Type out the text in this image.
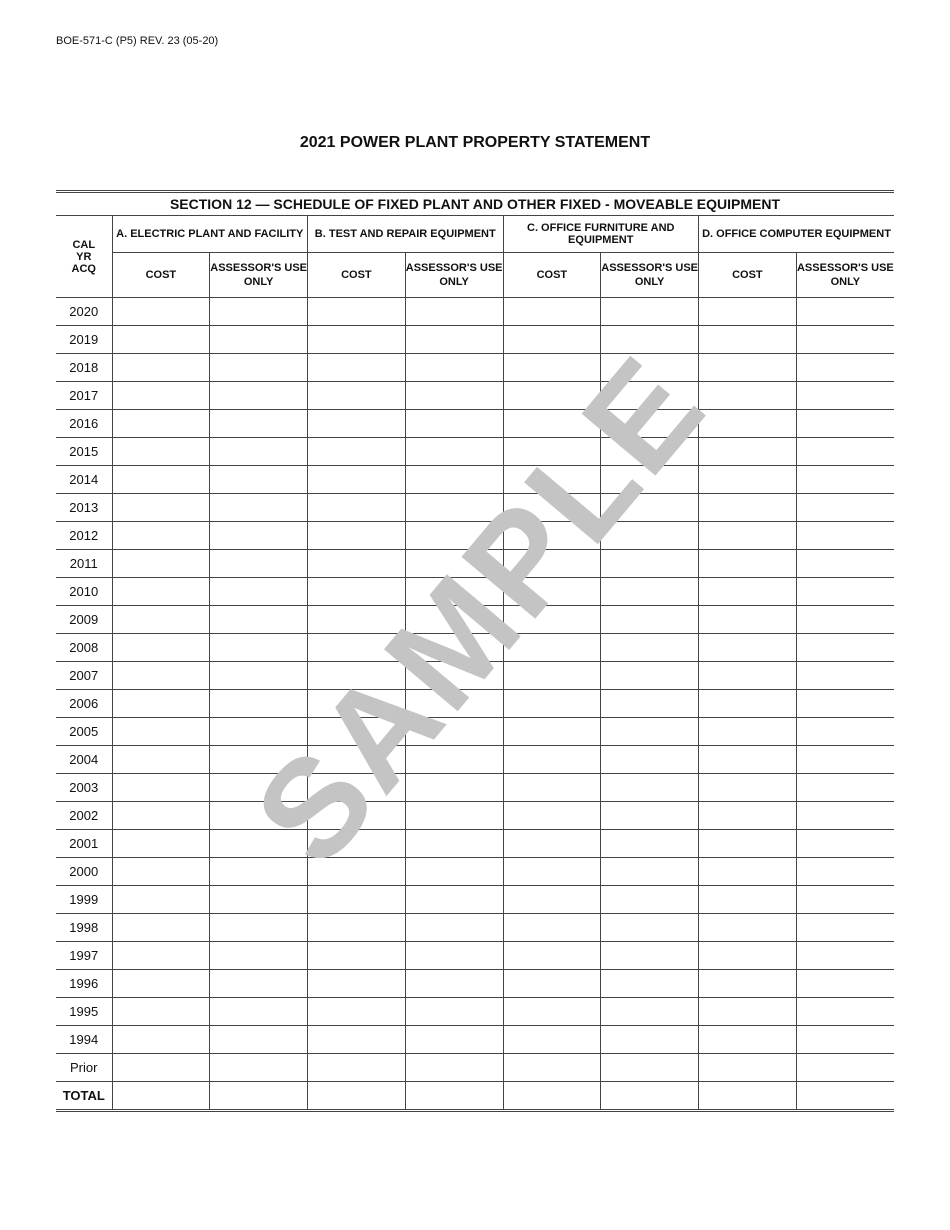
BOE-571-C (P5) REV. 23 (05-20)
2021 POWER PLANT PROPERTY STATEMENT
SECTION 12 — SCHEDULE OF FIXED PLANT AND OTHER FIXED - MOVEABLE EQUIPMENT								

CAL
YR
ACQ	A. ELECTRIC PLANT AND FACILITY		B. TEST AND REPAIR EQUIPMENT		C. OFFICE FURNITURE AND EQUIPMENT		D. OFFICE COMPUTER EQUIPMENT	
	COST	ASSESSOR'S USE ONLY	COST	ASSESSOR'S USE ONLY	COST	ASSESSOR'S USE ONLY	COST	ASSESSOR'S USE ONLY
2020								
2019								
2018								
2017								
2016								
2015								
2014								
2013								
2012								
2011								
2010								
2009								
2008								
2007								
2006								
2005								
2004								
2003								
2002								
2001								
2000								
1999								
1998								
1997								
1996								
1995								
1994								
Prior								
TOTAL								
SAMPLE
